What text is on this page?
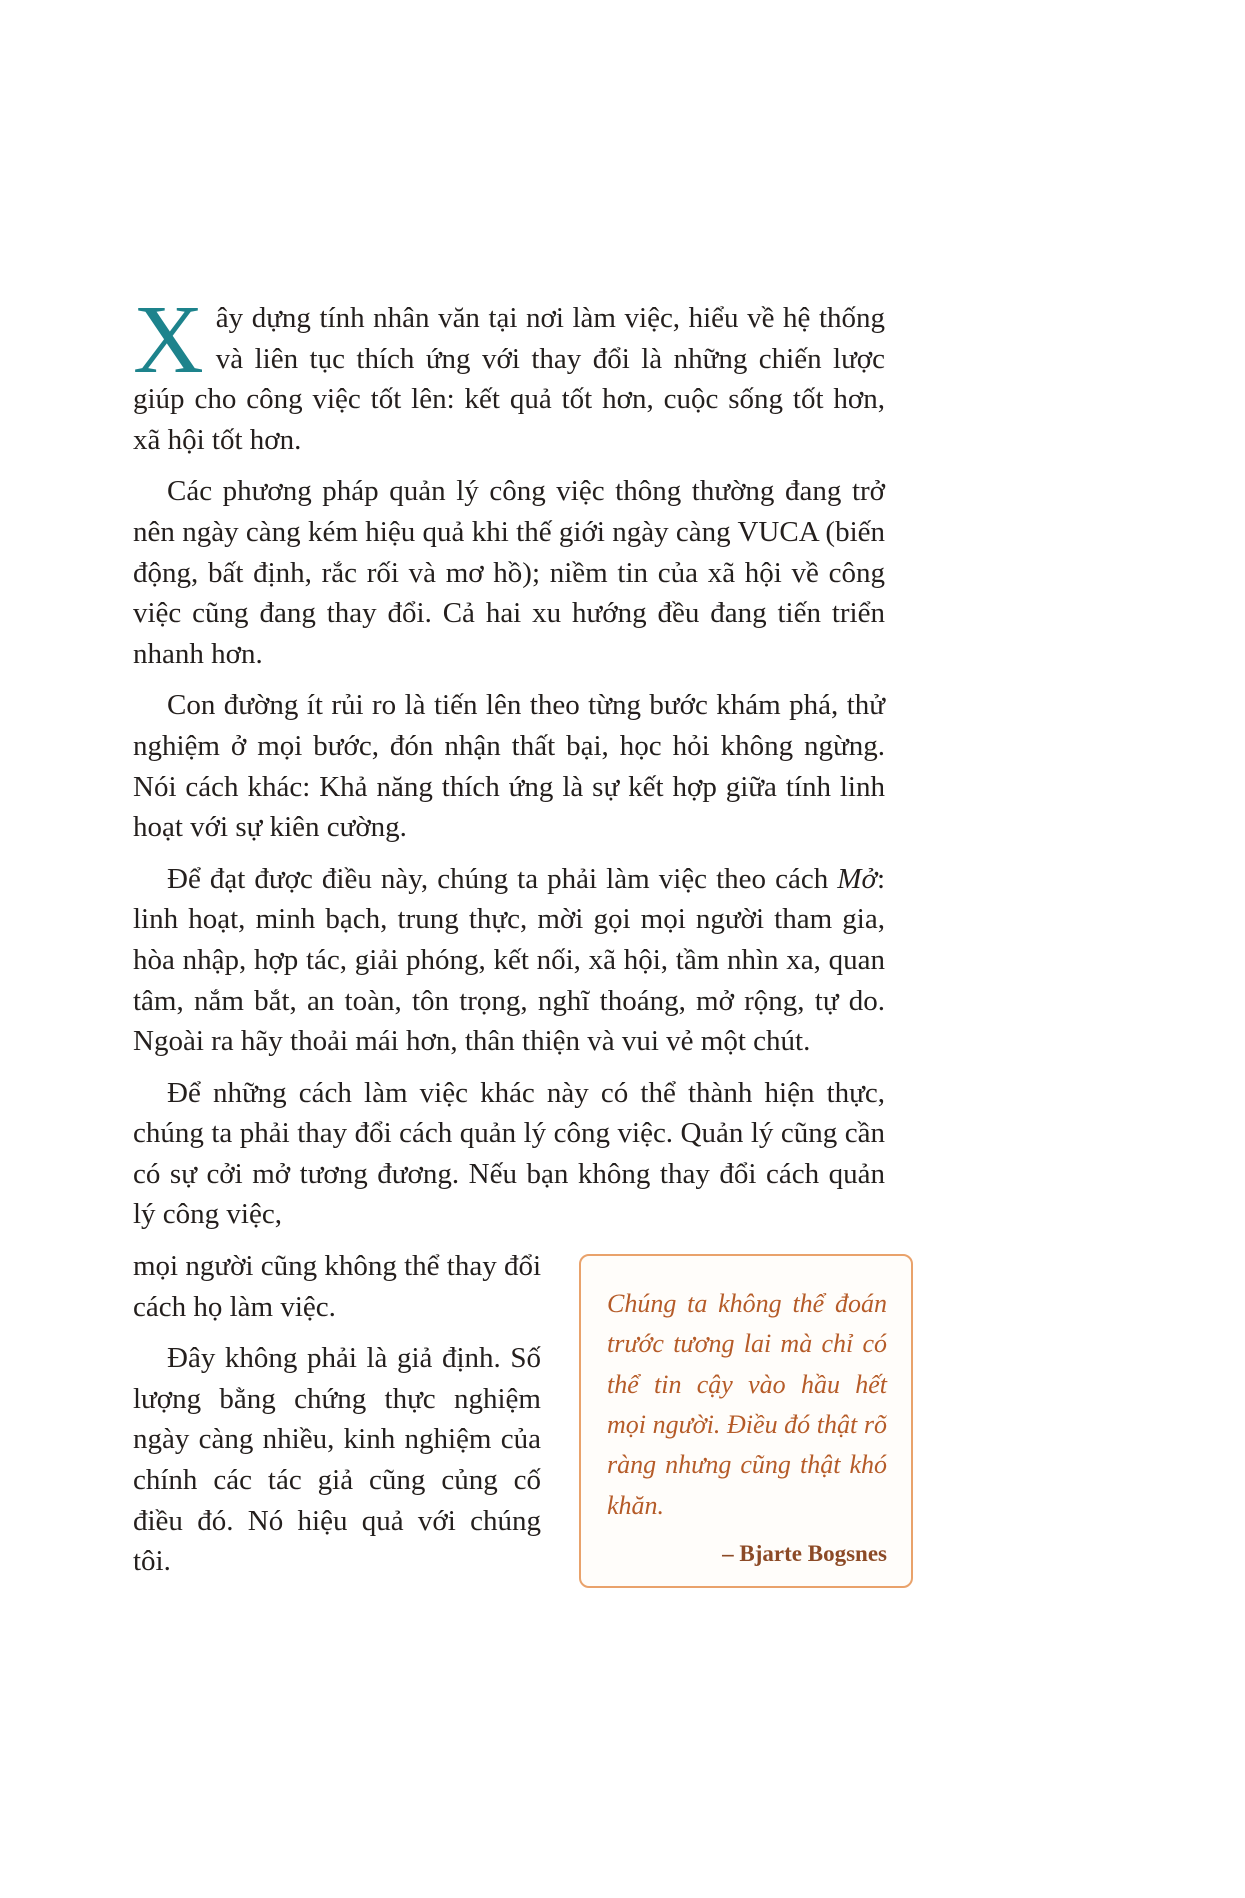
Xây dựng tính nhân văn tại nơi làm việc, hiểu về hệ thống và liên tục thích ứng với thay đổi là những chiến lược giúp cho công việc tốt lên: kết quả tốt hơn, cuộc sống tốt hơn, xã hội tốt hơn.

Các phương pháp quản lý công việc thông thường đang trở nên ngày càng kém hiệu quả khi thế giới ngày càng VUCA (biến động, bất định, rắc rối và mơ hồ); niềm tin của xã hội về công việc cũng đang thay đổi. Cả hai xu hướng đều đang tiến triển nhanh hơn.

Con đường ít rủi ro là tiến lên theo từng bước khám phá, thử nghiệm ở mọi bước, đón nhận thất bại, học hỏi không ngừng. Nói cách khác: Khả năng thích ứng là sự kết hợp giữa tính linh hoạt với sự kiên cường.

Để đạt được điều này, chúng ta phải làm việc theo cách Mở: linh hoạt, minh bạch, trung thực, mời gọi mọi người tham gia, hòa nhập, hợp tác, giải phóng, kết nối, xã hội, tầm nhìn xa, quan tâm, nắm bắt, an toàn, tôn trọng, nghĩ thoáng, mở rộng, tự do. Ngoài ra hãy thoải mái hơn, thân thiện và vui vẻ một chút.

Để những cách làm việc khác này có thể thành hiện thực, chúng ta phải thay đổi cách quản lý công việc. Quản lý cũng cần có sự cởi mở tương đương. Nếu bạn không thay đổi cách quản lý công việc,

Chúng ta không thể đoán trước tương lai mà chỉ có thể tin cậy vào hầu hết mọi người. Điều đó thật rõ ràng nhưng cũng thật khó khăn.

– Bjarte Bogsnes

mọi người cũng không thể thay đổi cách họ làm việc.

Đây không phải là giả định. Số lượng bằng chứng thực nghiệm ngày càng nhiều, kinh nghiệm của chính các tác giả cũng củng cố điều đó. Nó hiệu quả với chúng tôi.
